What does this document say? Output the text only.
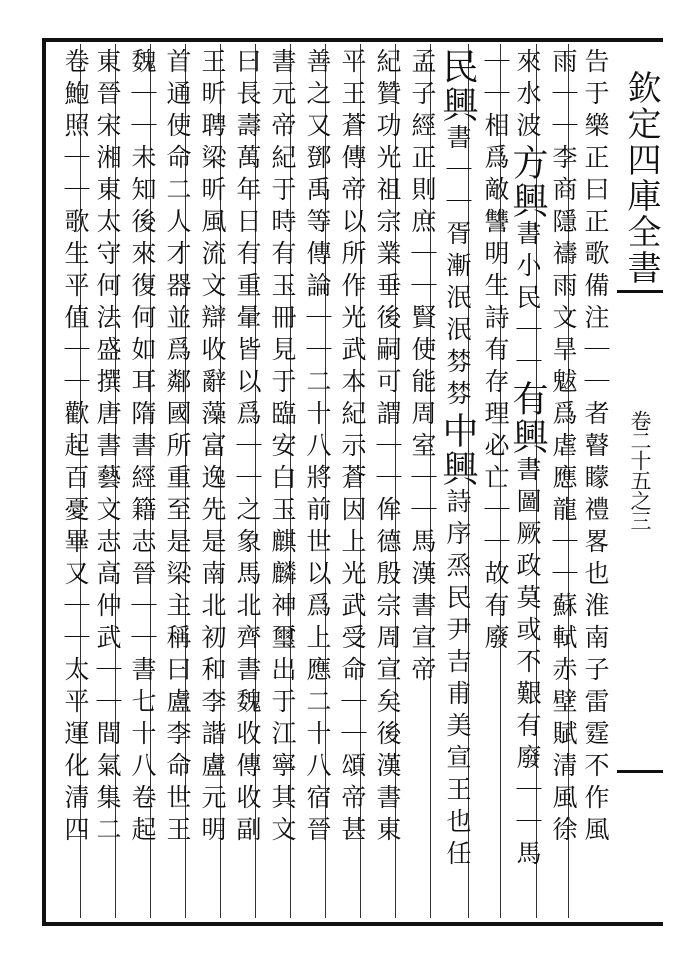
欽定四庫全書
卷二十五之三
告于樂正曰正歌備注｜｜者瞽矇禮畧也淮南子雷霆不作風
雨｜｜李商隱禱雨文旱魃爲虐應龍｜｜蘇軾赤壁賦清風徐
來水波方興書小民｜｜有興書圖厥政莫或不艱有廢｜｜馬
｜｜相爲敵讐明生詩有存理必亡｜｜故有廢
民興書｜｜胥漸泯泯棼棼中興詩序烝民尹吉甫美宣王也任
孟子經正則庶｜｜賢使能周室｜｜馬漢書宣帝
紀贊功光祖宗業垂後嗣可謂｜｜侔德殷宗周宣矣後漢書東
平王蒼傳帝以所作光武本紀示蒼因上光武受命｜｜頌帝甚
善之又鄧禹等傳論｜｜二十八將前世以爲上應二十八宿晉
書元帝紀于時有玉冊見于臨安白玉麒麟神璽出于江寧其文
曰長壽萬年日有重暈皆以爲｜｜之象馬北齊書魏收傳收副
王昕聘梁昕風流文辯收辭藻富逸先是南北初和李諧盧元明
首通使命二人才器並爲鄰國所重至是梁主稱曰盧李命世王
魏｜｜未知後來復何如耳隋書經籍志晉｜｜書七十八卷起
東晉宋湘東太守何法盛撰唐書藝文志高仲武｜｜間氣集二
卷鮑照｜｜歌生平值｜｜歡起百憂畢又｜｜太平運化清四
